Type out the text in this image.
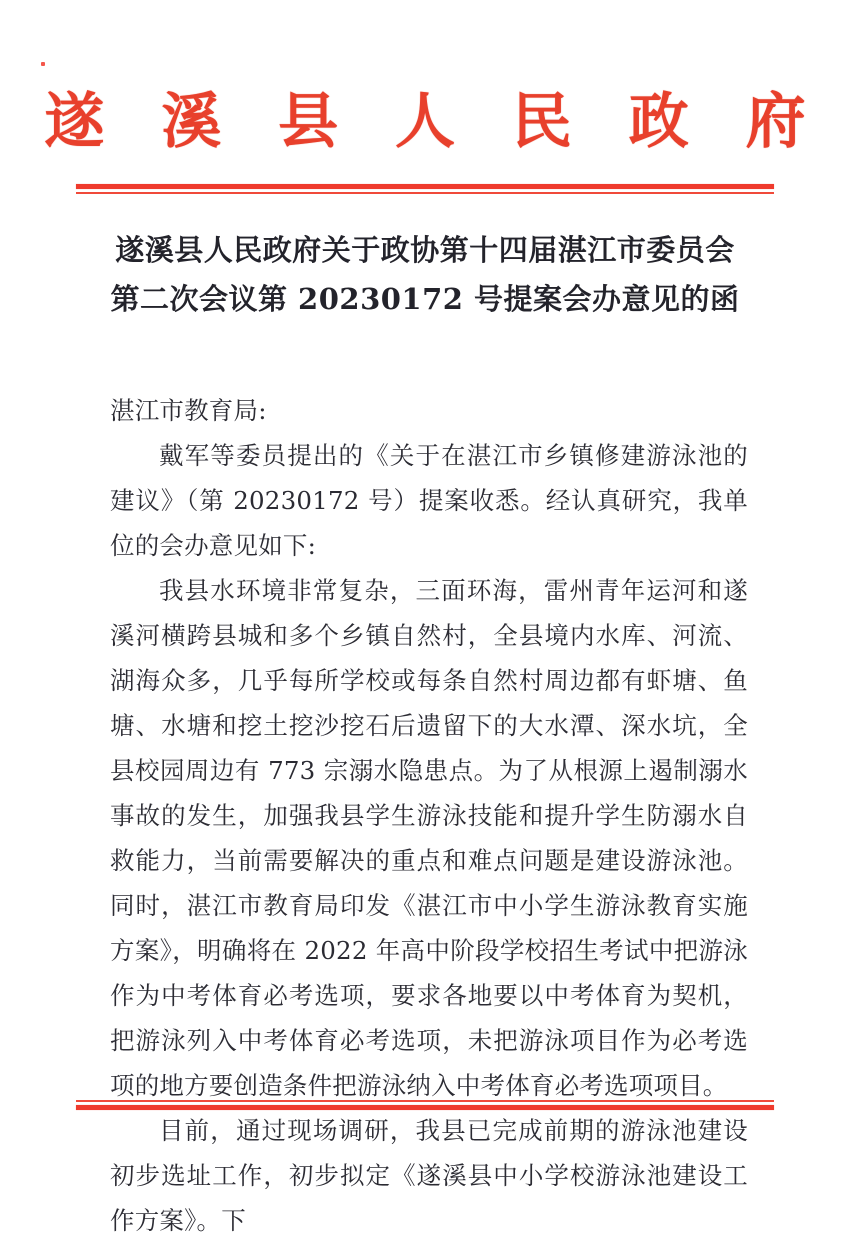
遂 溪 县 人 民 政 府
遂溪县人民政府关于政协第十四届湛江市委员会
第二次会议第 20230172 号提案会办意见的函

湛江市教育局:

戴军等委员提出的《关于在湛江市乡镇修建游泳池的建议》（第 20230172 号）提案收悉。经认真研究，我单位的会办意见如下:

我县水环境非常复杂，三面环海，雷州青年运河和遂溪河横跨县城和多个乡镇自然村，全县境内水库、河流、湖海众多，几乎每所学校或每条自然村周边都有虾塘、鱼塘、水塘和挖土挖沙挖石后遗留下的大水潭、深水坑，全县校园周边有 773 宗溺水隐患点。为了从根源上遏制溺水事故的发生，加强我县学生游泳技能和提升学生防溺水自救能力，当前需要解决的重点和难点问题是建设游泳池。同时，湛江市教育局印发《湛江市中小学生游泳教育实施方案》，明确将在 2022 年高中阶段学校招生考试中把游泳作为中考体育必考选项，要求各地要以中考体育为契机，把游泳列入中考体育必考选项，未把游泳项目作为必考选项的地方要创造条件把游泳纳入中考体育必考选项项目。

目前，通过现场调研，我县已完成前期的游泳池建设初步选址工作，初步拟定《遂溪县中小学校游泳池建设工作方案》。下
